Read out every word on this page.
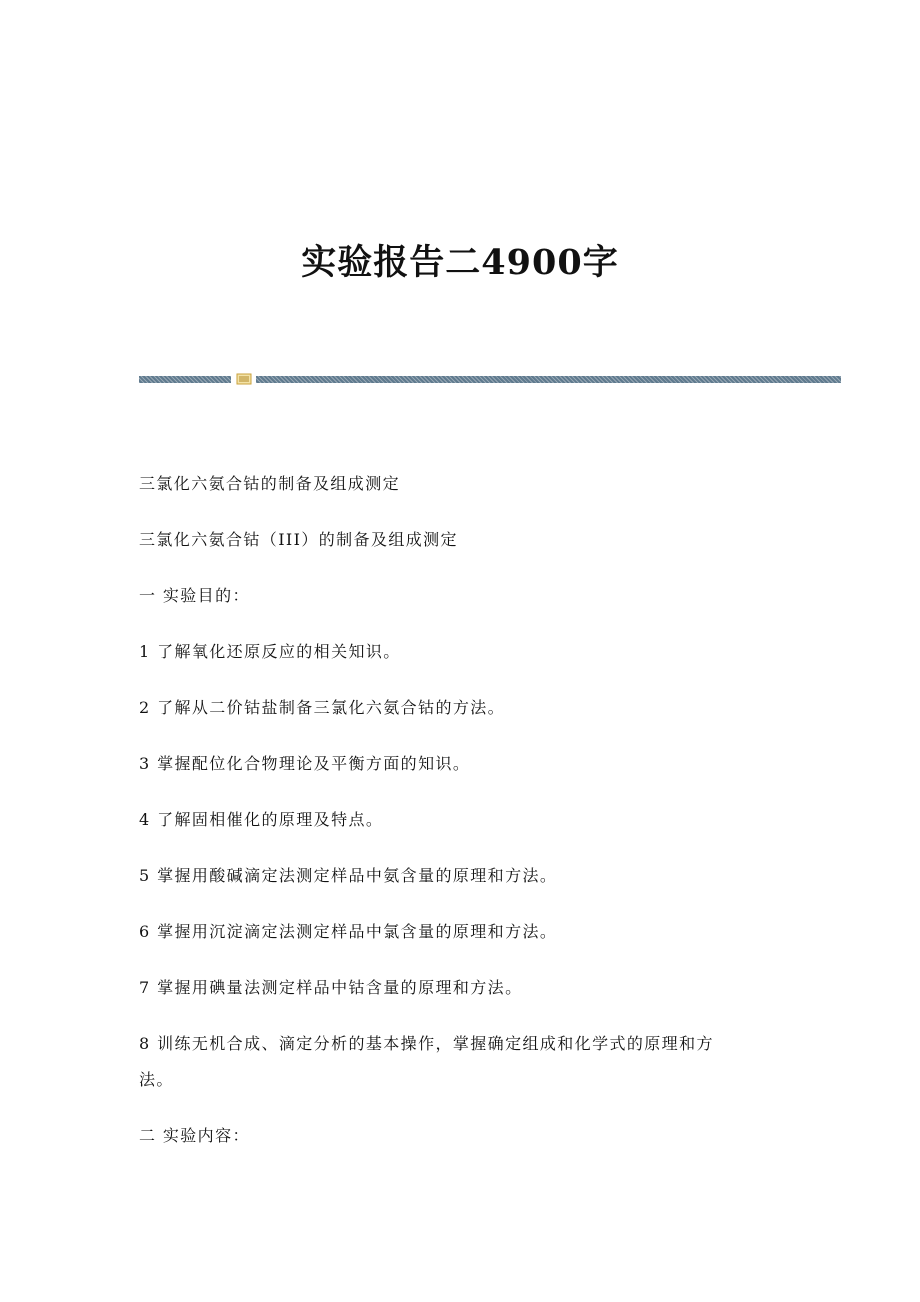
实验报告二4900字

三氯化六氨合钴的制备及组成测定

三氯化六氨合钴（III）的制备及组成测定

一 实验目的：

1 了解氧化还原反应的相关知识。

2 了解从二价钴盐制备三氯化六氨合钴的方法。

3 掌握配位化合物理论及平衡方面的知识。

4 了解固相催化的原理及特点。

5 掌握用酸碱滴定法测定样品中氨含量的原理和方法。

6 掌握用沉淀滴定法测定样品中氯含量的原理和方法。

7 掌握用碘量法测定样品中钴含量的原理和方法。

8 训练无机合成、滴定分析的基本操作，掌握确定组成和化学式的原理和方

法。

二 实验内容：
